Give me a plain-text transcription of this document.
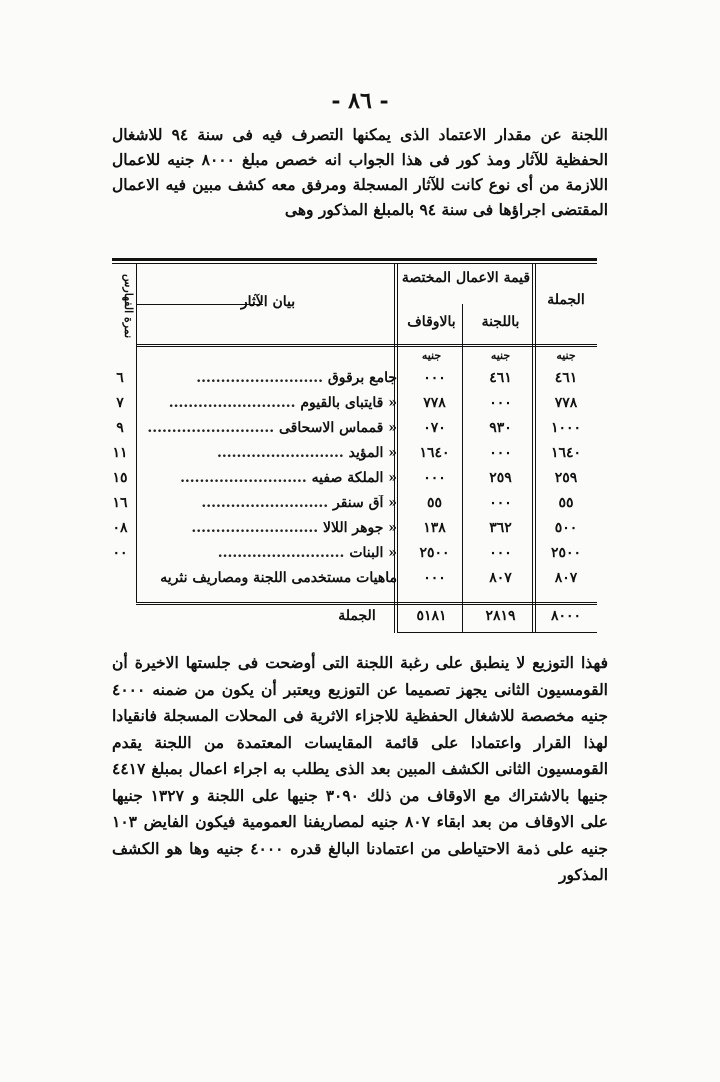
- ٨٦ -

اللجنة عن مقدار الاعتماد الذى يمكنها التصرف فيه فى سنة ٩٤ للاشغال الحفظية للآثار ومذ كور فى هذا الجواب انه خصص مبلغ ٨٠٠٠ جنيه للاعمال اللازمة من أى نوع كانت للآثار المسجلة ومرفق معه كشف مبين فيه الاعمال المقتضى اجراؤها فى سنة ٩٤ بالمبلغ المذكور وهى

الجملة
قيمة الاعمال المختصة
باللجنة
بالاوقاف
بيان الآثار
نمرة الفهارس
جنيه
جنيه
جنيه
٤٦١
٤٦١
٠٠٠
جامع برقوق ..........................
٦
٧٧٨
٠٠٠
٧٧٨
« قايتباى بالقيوم ..........................
٧
١٠٠٠
٩٣٠
٠٧٠
« قمماس الاسحاقى ..........................
٩
١٦٤٠
٠٠٠
١٦٤٠
« المؤيد ..........................
١١
٢٥٩
٢٥٩
٠٠٠
« الملكة صفيه ..........................
١٥
٥٥
٠٠٠
٥٥
« آق سنقر ..........................
١٦
٥٠٠
٣٦٢
١٣٨
« جوهر اللالا ..........................
٠٨
٢٥٠٠
٠٠٠
٢٥٠٠
« البنات ..........................
٠٠
٨٠٧
٨٠٧
٠٠٠
ماهيات مستخدمى اللجنة ومصاريف نثريه
٨٠٠٠
٢٨١٩
٥١٨١
الجملة

فهذا التوزيع لا ينطبق على رغبة اللجنة التى أوضحت فى جلستها الاخيرة أن القومسيون الثانى يجهز تصميما عن التوزيع ويعتبر أن يكون من ضمنه ٤٠٠٠ جنيه مخصصة للاشغال الحفظية للاجزاء الاثرية فى المحلات المسجلة فانقيادا لهذا القرار واعتمادا على قائمة المقايسات المعتمدة من اللجنة يقدم القومسيون الثانى الكشف المبين بعد الذى يطلب به اجراء اعمال بمبلغ ٤٤١٧ جنيها بالاشتراك مع الاوقاف من ذلك ٣٠٩٠ جنيها على اللجنة و ١٣٢٧ جنيها على الاوقاف من بعد ابقاء ٨٠٧ جنيه لمصاريفنا العمومية فيكون الفايض ١٠٣ جنيه على ذمة الاحتياطى من اعتمادنا البالغ قدره ٤٠٠٠ جنيه وها هو الكشف المذكور
